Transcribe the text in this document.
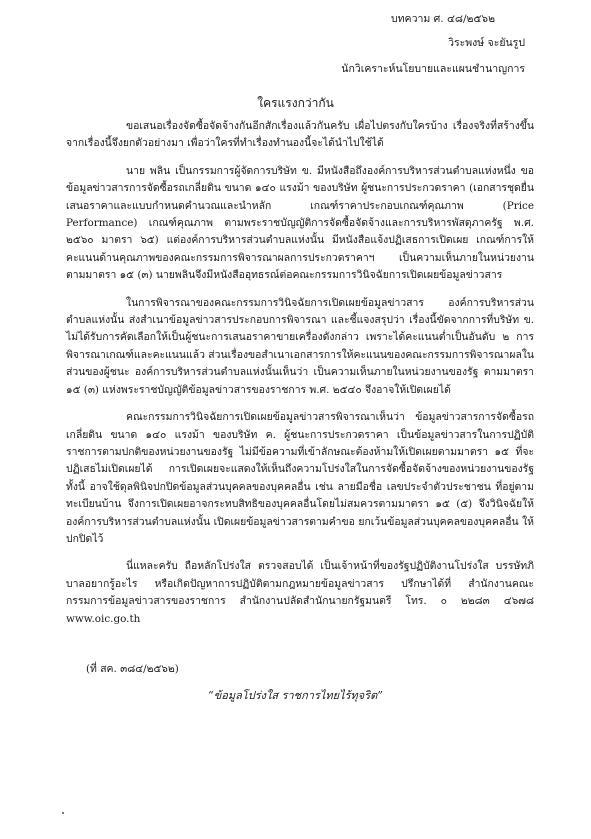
บทความ ศ. ๔๘/๒๕๖๒
วิระพงษ์ จะยันรูป
นักวิเคราะห์นโยบายและแผนชำนาญการ
ใครแรงกว่ากัน

ขอเสนอเรื่องจัดซื้อจัดจ้างกันอีกสักเรื่องแล้วกันครับ เผื่อไปตรงกับใครบ้าง เรื่องจริงที่สร้างขึ้นจากเรื่องนี้จึงยกตัวอย่างมา เพื่อว่าใครที่ทำเรื่องทำนองนี้จะได้นำไปใช้ได้

นาย พลิน เป็นกรรมการผู้จัดการบริษัท ข. มีหนังสือถึงองค์การบริหารส่วนตำบลแห่งหนึ่ง ขอข้อมูลข่าวสารการจัดซื้อรถเกลี่ยดิน ขนาด ๑๔๐ แรงม้า ของบริษัท ผู้ชนะการประกวดราคา (เอกสารชุดยื่นเสนอราคาและแบบกำหนดคำนวณและนำหลัก เกณฑ์ราคาประกอบเกณฑ์คุณภาพ (Price Performance) เกณฑ์คุณภาพ ตามพระราชบัญญัติการจัดซื้อจัดจ้างและการบริหารพัสดุภาครัฐ พ.ศ. ๒๕๖๐ มาตรา ๖๕) แต่องค์การบริหารส่วนตำบลแห่งนั้น มีหนังสือแจ้งปฏิเสธการเปิดเผย เกณฑ์การให้คะแนนด้านคุณภาพของคณะกรรมการพิจารณาผลการประกวดราคาฯ เป็นความเห็นภายในหน่วยงาน ตามมาตรา ๑๕ (๓) นายพลินจึงมีหนังสืออุทธรณ์ต่อคณะกรรมการวินิจฉัยการเปิดเผยข้อมูลข่าวสาร

ในการพิจารณาของคณะกรรมการวินิจฉัยการเปิดเผยข้อมูลข่าวสาร องค์การบริหารส่วนตำบลแห่งนั้น ส่งสำเนาข้อมูลข่าวสารประกอบการพิจารณา และชี้แจงสรุปว่า เรื่องนี้ขัดจากการที่บริษัท ข. ไม่ได้รับการคัดเลือกให้เป็นผู้ชนะการเสนอราคาขายเครื่องดังกล่าว เพราะได้คะแนนต่ำเป็นอันดับ ๒ การพิจารณาเกณฑ์และคะแนนแล้ว ส่วนเรื่องขอสำเนาเอกสารการให้คะแนนของคณะกรรมการพิจารณาผลในส่วนของผู้ชนะ องค์การบริหารส่วนตำบลแห่งนั้นเห็นว่า เป็นความเห็นภายในหน่วยงานของรัฐ ตามมาตรา ๑๕ (๓) แห่งพระราชบัญญัติข้อมูลข่าวสารของราชการ พ.ศ. ๒๕๔๐ จึงอาจให้เปิดเผยได้

คณะกรรมการวินิจฉัยการเปิดเผยข้อมูลข่าวสารพิจารณาเห็นว่า ข้อมูลข่าวสารการจัดซื้อรถเกลี่ยดิน ขนาด ๑๔๐ แรงม้า ของบริษัท ค. ผู้ชนะการประกวดราคา เป็นข้อมูลข่าวสารในการปฏิบัติราชการตามปกติของหน่วยงานของรัฐ ไม่มีข้อความที่เข้าลักษณะต้องห้ามให้เปิดเผยตามมาตรา ๑๕ ที่จะปฏิเสธไม่เปิดเผยได้ การเปิดเผยจะแสดงให้เห็นถึงความโปร่งใสในการจัดซื้อจัดจ้างของหน่วยงานของรัฐ ทั้งนี้ อาจใช้ดุลพินิจปกปิดข้อมูลส่วนบุคคลของบุคคลอื่น เช่น ลายมือชื่อ เลขประจำตัวประชาชน ที่อยู่ตามทะเบียนบ้าน จึงการเปิดเผยอาจกระทบสิทธิของบุคคลอื่นโดยไม่สมควรตามมาตรา ๑๕ (๕) จึงวินิจฉัยให้องค์การบริหารส่วนตำบลแห่งนั้น เปิดเผยข้อมูลข่าวสารตามคำขอ ยกเว้นข้อมูลส่วนบุคคลของบุคคลอื่น ให้ปกปิดไว้

นี่แหละครับ ถือหลักโปร่งใส ตรวจสอบได้ เป็นเจ้าหน้าที่ของรัฐปฏิบัติงานโปร่งใส บรรษัทภิบาลอยากรู้อะไร หรือเกิดปัญหาการปฏิบัติตามกฎหมายข้อมูลข่าวสาร ปรึกษาได้ที่ สำนักงานคณะกรรมการข้อมูลข่าวสารของราชการ สำนักงานปลัดสำนักนายกรัฐมนตรี โทร. ๐ ๒๒๘๓ ๔๖๗๘ www.oic.go.th

(ที่ สค. ๓๘๔/๒๕๖๒)
“ข้อมูลโปร่งใส ราชการไทยไร้ทุจริต”
